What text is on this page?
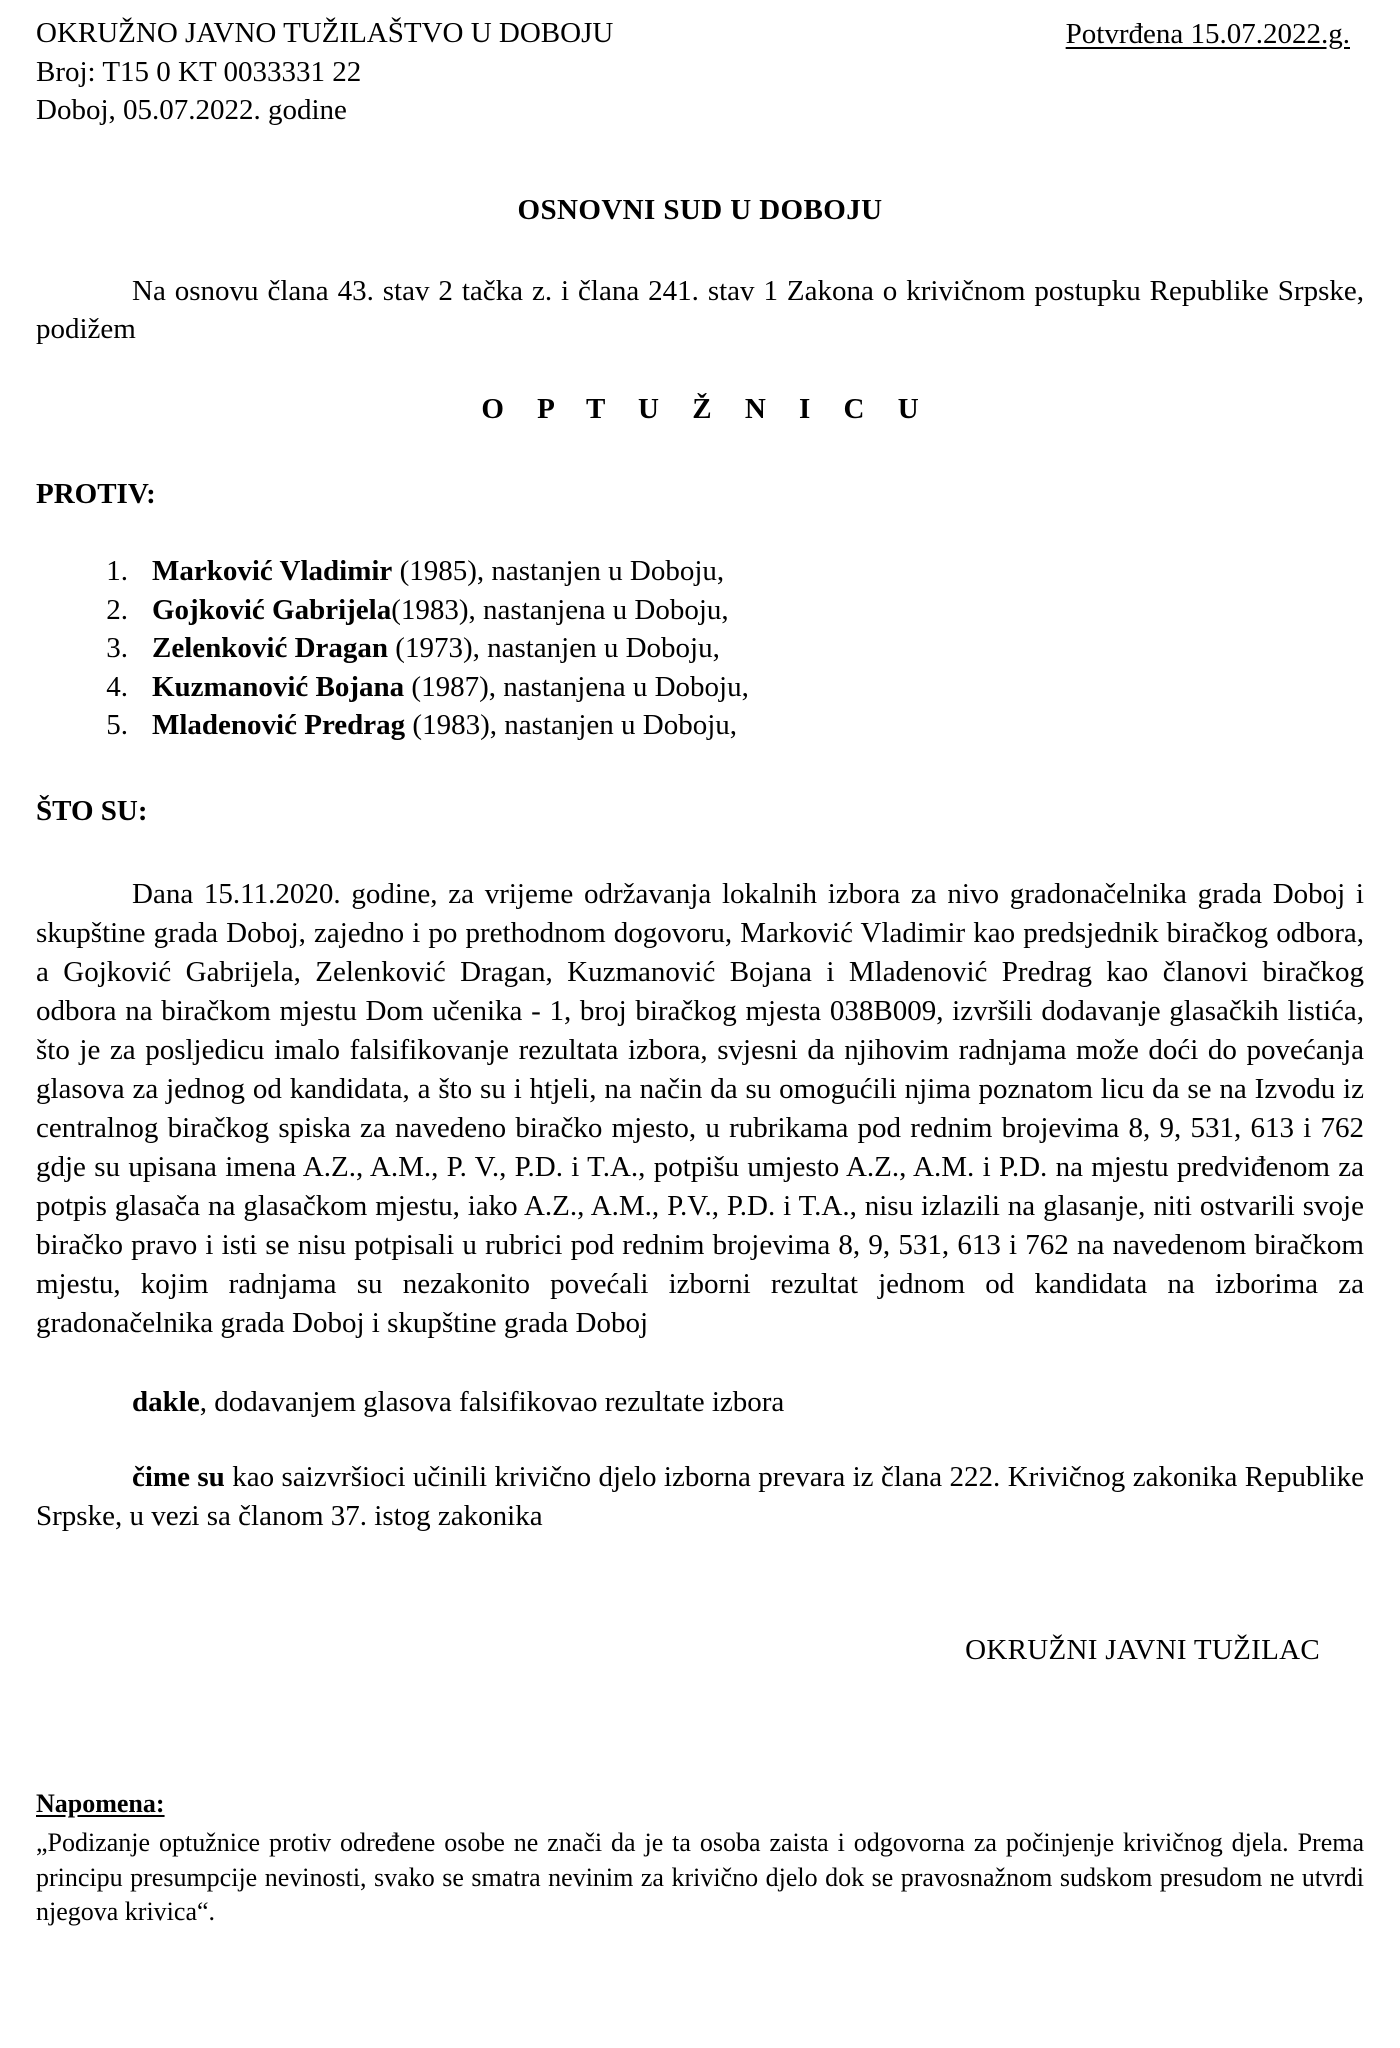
OKRUŽNO JAVNO TUŽILAŠTVO U DOBOJU
Broj: T15 0 KT 0033331 22
Doboj, 05.07.2022. godine
Potvrđena 15.07.2022.g.
OSNOVNI SUD U DOBOJU
Na osnovu člana 43. stav 2 tačka z. i člana 241. stav 1 Zakona o krivičnom postupku Republike Srpske, podižem
O P T U Ž N I C U
PROTIV:
1. Marković Vladimir (1985), nastanjen u Doboju,
2. Gojković Gabrijela(1983), nastanjena u Doboju,
3. Zelenković Dragan (1973), nastanjen u Doboju,
4. Kuzmanović Bojana (1987), nastanjena u Doboju,
5. Mladenović Predrag (1983), nastanjen u Doboju,
ŠTO SU:
Dana 15.11.2020. godine, za vrijeme održavanja lokalnih izbora za nivo gradonačelnika grada Doboj i skupštine grada Doboj, zajedno i po prethodnom dogovoru, Marković Vladimir kao predsjednik biračkog odbora, a Gojković Gabrijela, Zelenković Dragan, Kuzmanović Bojana i Mladenović Predrag kao članovi biračkog odbora na biračkom mjestu Dom učenika - 1, broj biračkog mjesta 038B009, izvršili dodavanje glasačkih listića, što je za posljedicu imalo falsifikovanje rezultata izbora, svjesni da njihovim radnjama može doći do povećanja glasova za jednog od kandidata, a što su i htjeli, na način da su omogućili njima poznatom licu da se na Izvodu iz centralnog biračkog spiska za navedeno biračko mjesto, u rubrikama pod rednim brojevima 8, 9, 531, 613 i 762 gdje su upisana imena A.Z., A.M., P. V., P.D. i T.A., potpišu umjesto A.Z., A.M. i P.D. na mjestu predviđenom za potpis glasača na glasačkom mjestu, iako A.Z., A.M., P.V., P.D. i T.A., nisu izlazili na glasanje, niti ostvarili svoje biračko pravo i isti se nisu potpisali u rubrici pod rednim brojevima 8, 9, 531, 613 i 762 na navedenom biračkom mjestu, kojim radnjama su nezakonito povećali izborni rezultat jednom od kandidata na izborima za gradonačelnika grada Doboj i skupštine grada Doboj
dakle, dodavanjem glasova falsifikovao rezultate izbora
čime su kao saizvršioci učinili krivično djelo izborna prevara iz člana 222. Krivičnog zakonika Republike Srpske, u vezi sa članom 37. istog zakonika
OKRUŽNI JAVNI TUŽILAC
Napomena:
„Podizanje optužnice protiv određene osobe ne znači da je ta osoba zaista i odgovorna za počinjenje krivičnog djela. Prema principu presumpcije nevinosti, svako se smatra nevinim za krivično djelo dok se pravosnažnom sudskom presudom ne utvrdi njegova krivica“.
